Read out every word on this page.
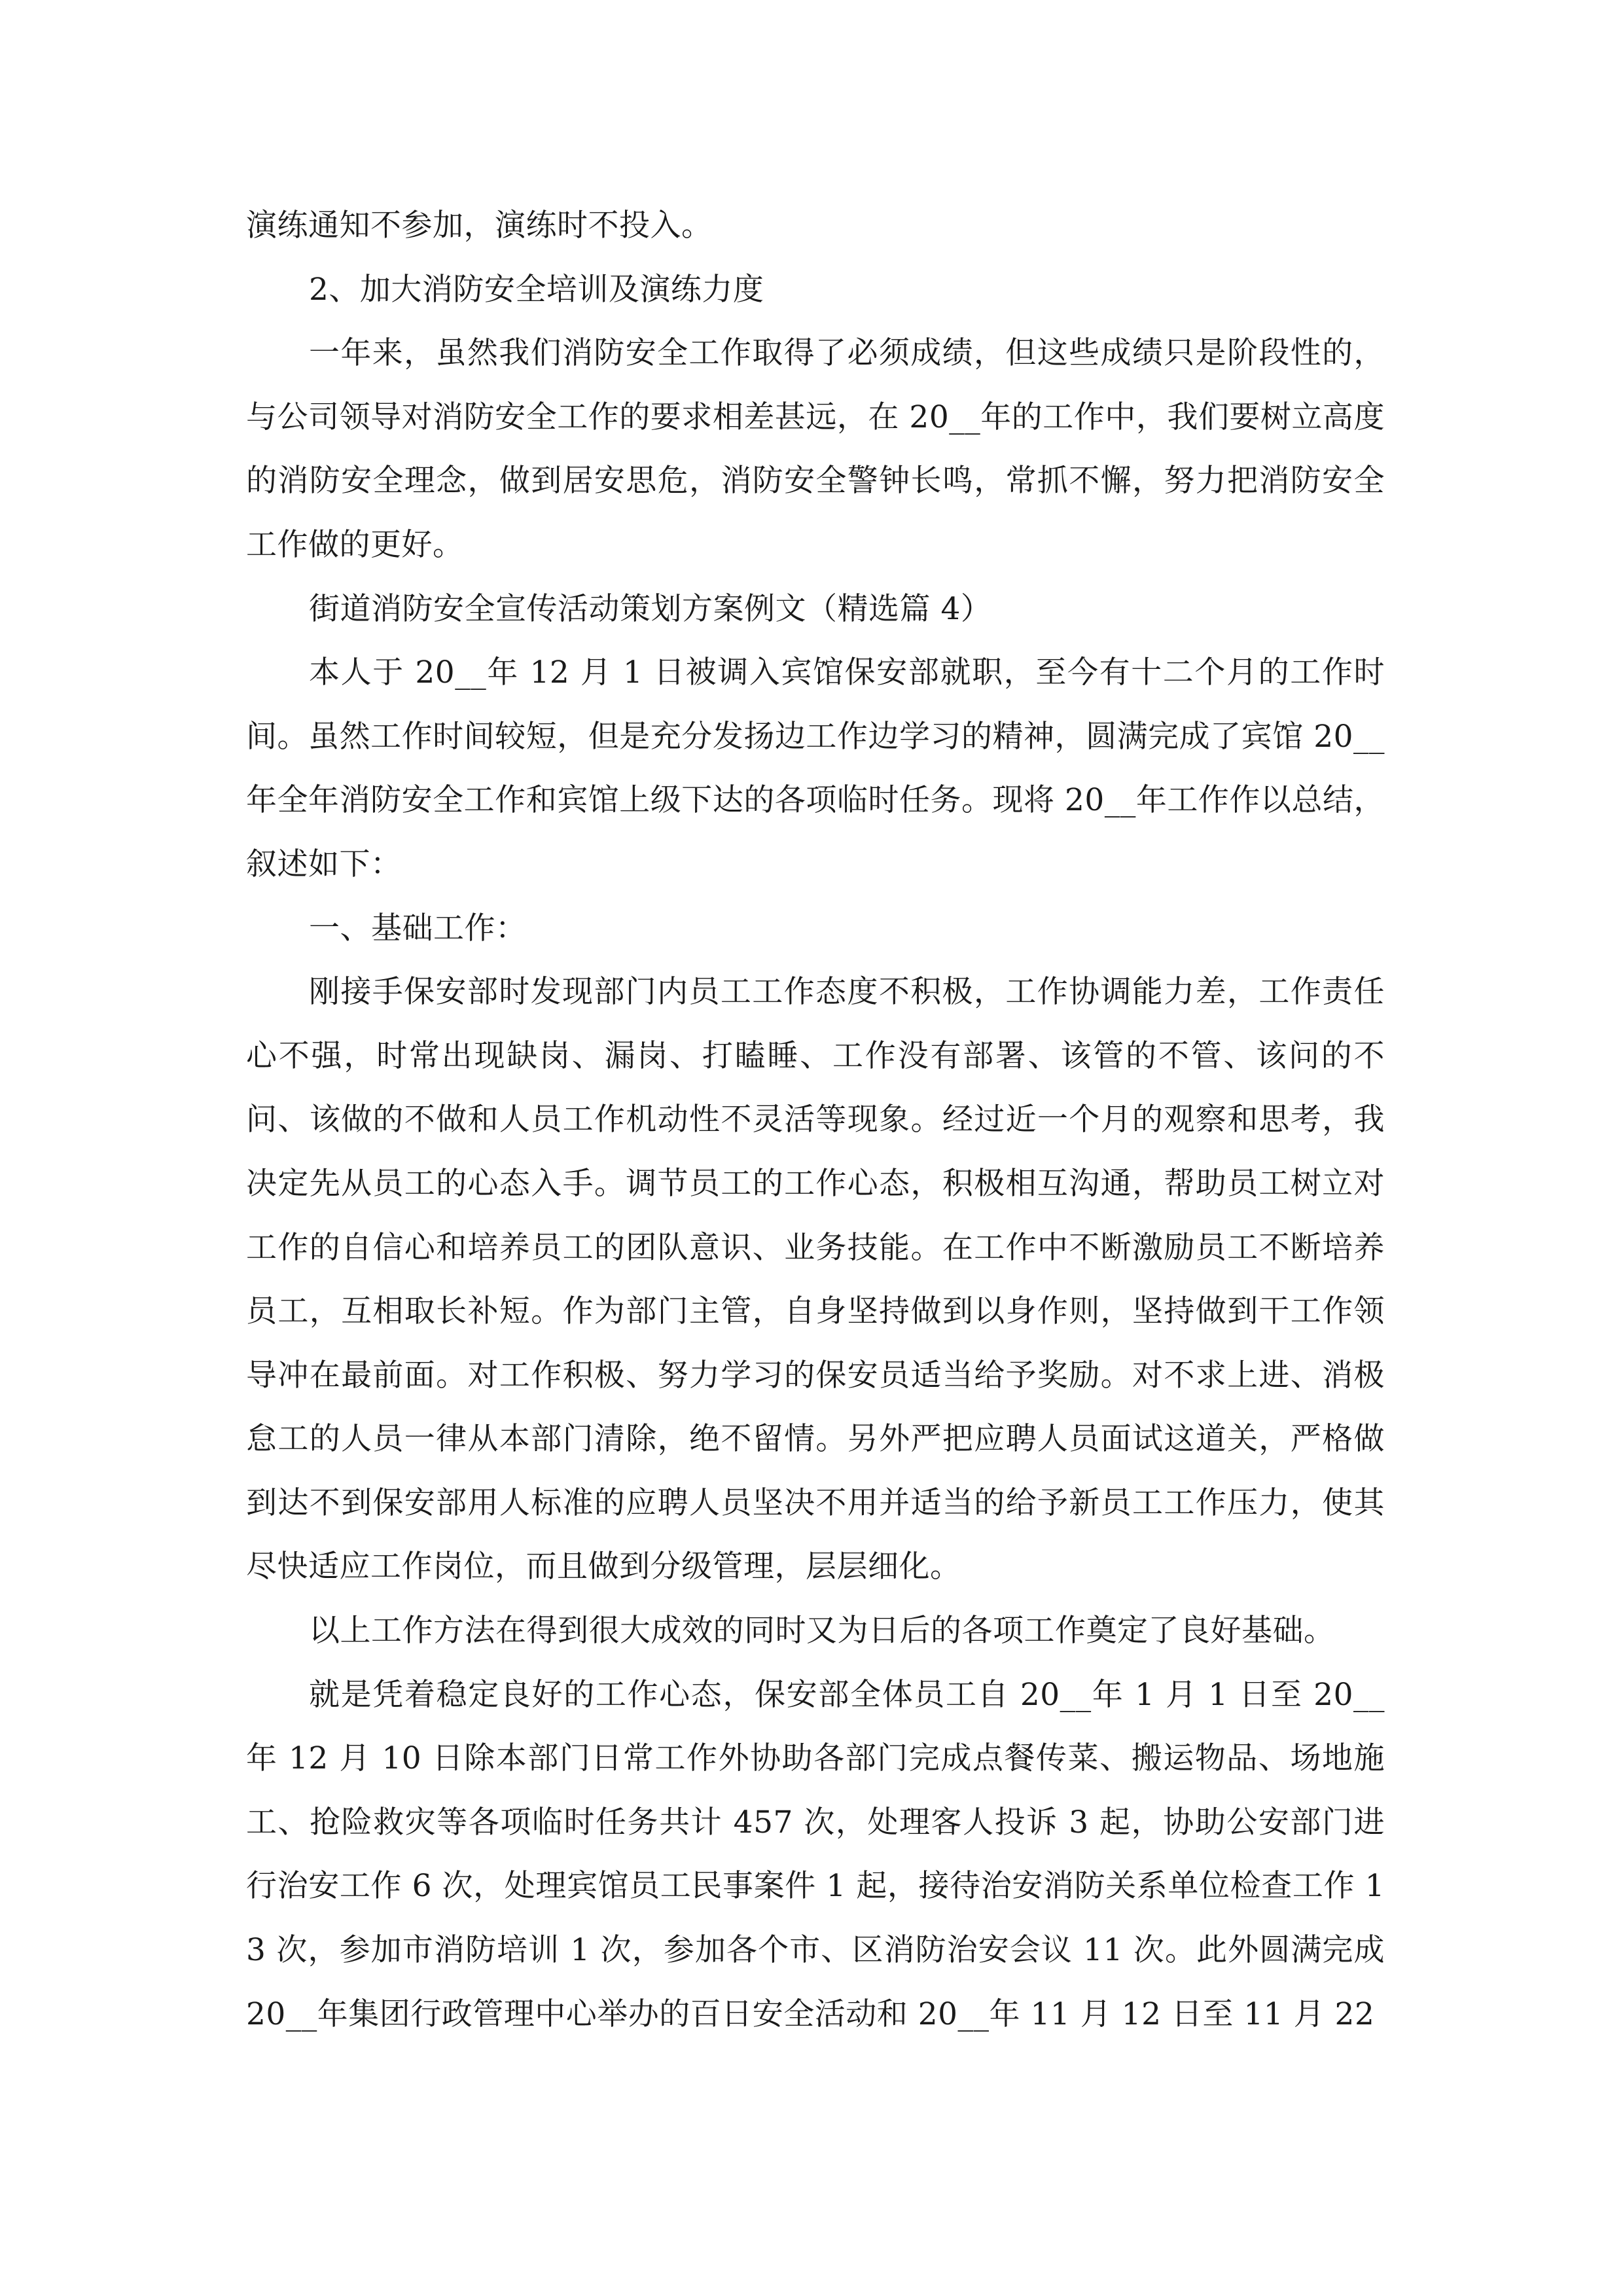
演练通知不参加，演练时不投入。

2、加大消防安全培训及演练力度

一年来，虽然我们消防安全工作取得了必须成绩，但这些成绩只是阶段性的，与公司领导对消防安全工作的要求相差甚远，在 20__年的工作中，我们要树立高度的消防安全理念，做到居安思危，消防安全警钟长鸣，常抓不懈，努力把消防安全工作做的更好。

街道消防安全宣传活动策划方案例文（精选篇 4）

本人于 20__年 12 月 1 日被调入宾馆保安部就职，至今有十二个月的工作时间。虽然工作时间较短，但是充分发扬边工作边学习的精神，圆满完成了宾馆 20__年全年消防安全工作和宾馆上级下达的各项临时任务。现将 20__年工作作以总结，叙述如下：

一、基础工作：

刚接手保安部时发现部门内员工工作态度不积极，工作协调能力差，工作责任心不强，时常出现缺岗、漏岗、打瞌睡、工作没有部署、该管的不管、该问的不问、该做的不做和人员工作机动性不灵活等现象。经过近一个月的观察和思考，我决定先从员工的心态入手。调节员工的工作心态，积极相互沟通，帮助员工树立对工作的自信心和培养员工的团队意识、业务技能。在工作中不断激励员工不断培养员工，互相取长补短。作为部门主管，自身坚持做到以身作则，坚持做到干工作领导冲在最前面。对工作积极、努力学习的保安员适当给予奖励。对不求上进、消极怠工的人员一律从本部门清除，绝不留情。另外严把应聘人员面试这道关，严格做到达不到保安部用人标准的应聘人员坚决不用并适当的给予新员工工作压力，使其尽快适应工作岗位，而且做到分级管理，层层细化。

以上工作方法在得到很大成效的同时又为日后的各项工作奠定了良好基础。

就是凭着稳定良好的工作心态，保安部全体员工自 20__年 1 月 1 日至 20__年 12 月 10 日除本部门日常工作外协助各部门完成点餐传菜、搬运物品、场地施工、抢险救灾等各项临时任务共计 457 次，处理客人投诉 3 起，协助公安部门进行治安工作 6 次，处理宾馆员工民事案件 1 起，接待治安消防关系单位检查工作 13 次，参加市消防培训 1 次，参加各个市、区消防治安会议 11 次。此外圆满完成 20__年集团行政管理中心举办的百日安全活动和 20__年 11 月 12 日至 11 月 22
